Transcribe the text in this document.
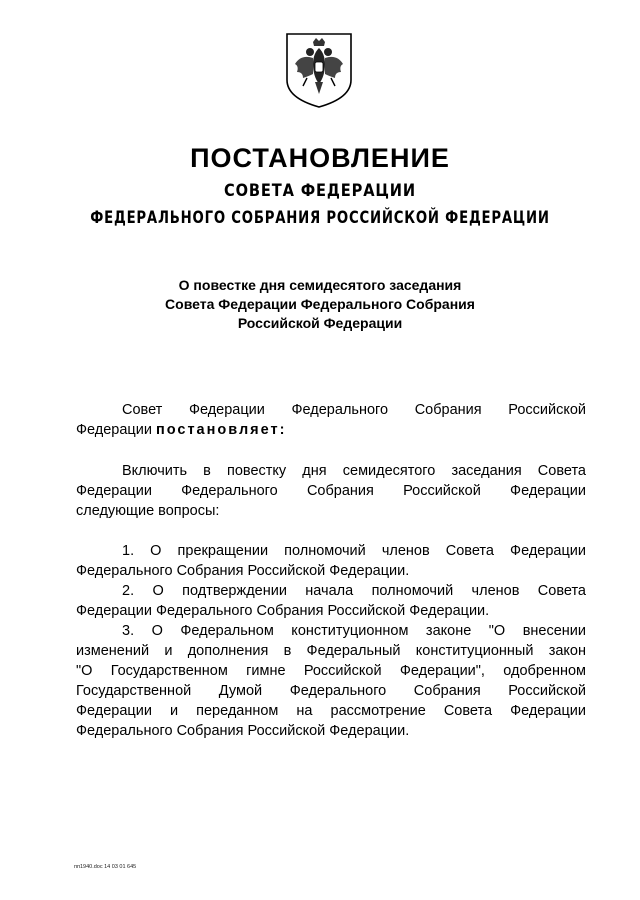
ПОСТАНОВЛЕНИЕ
СОВЕТА ФЕДЕРАЦИИ
ФЕДЕРАЛЬНОГО СОБРАНИЯ РОССИЙСКОЙ ФЕДЕРАЦИИ
О повестке дня семидесятого заседания
Совета Федерации Федерального Собрания
Российской Федерации
Совет Федерации Федерального Собрания Российской
Федерации постановляет:
Включить в повестку дня семидесятого заседания Совета
Федерации Федерального Собрания Российской Федерации
следующие вопросы:
1. О прекращении полномочий членов Совета Федерации
Федерального Собрания Российской Федерации.
2. О подтверждении начала полномочий членов Совета
Федерации Федерального Собрания Российской Федерации.
3. О Федеральном конституционном законе "О внесении
изменений и дополнения в Федеральный конституционный закон
"О Государственном гимне Российской Федерации", одобренном
Государственной Думой Федерального Собрания Российской
Федерации и переданном на рассмотрение Совета Федерации
Федерального Собрания Российской Федерации.
пп1940.doc 14 03 01 645
